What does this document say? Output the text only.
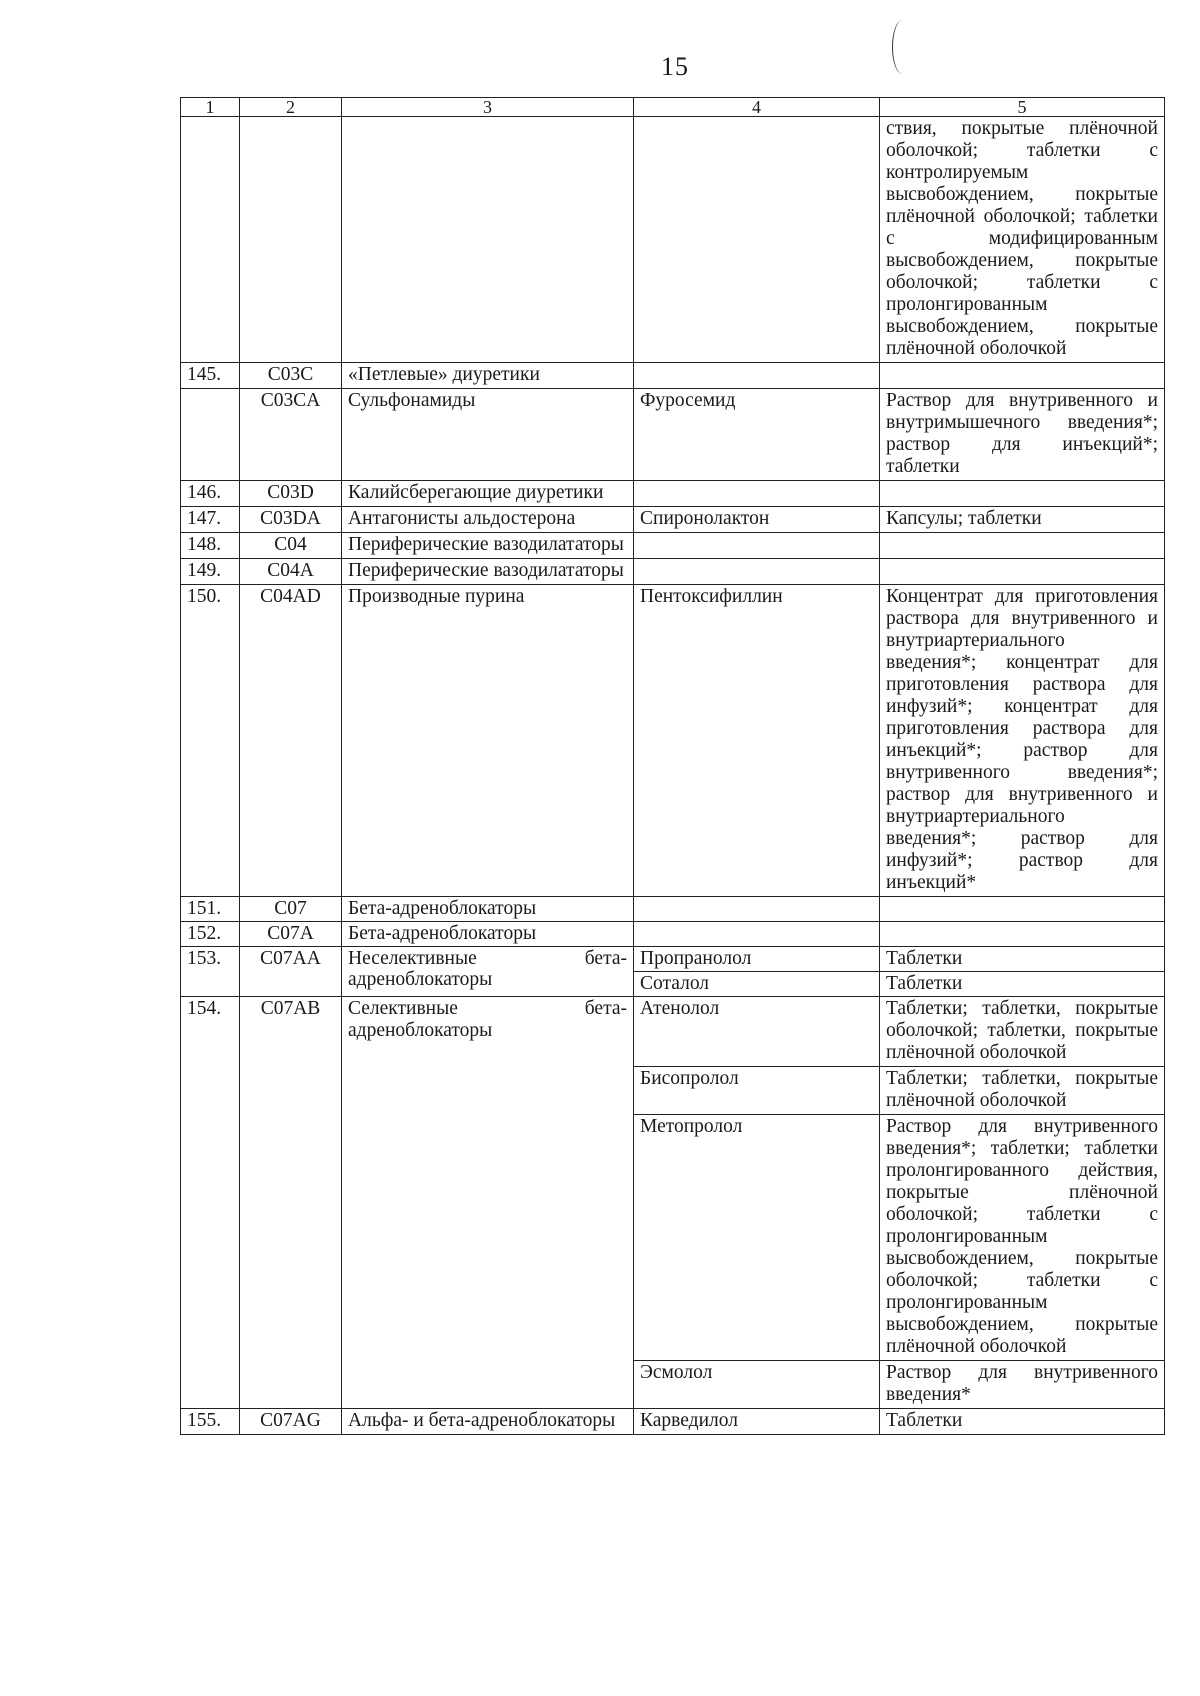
15
1	2	3	4	5
				ствия, покрытые плёночной оболочкой; таблетки с контролируемым высвобождением, покрытые плёночной оболочкой; таблетки с модифицированным высвобождением, покрытые оболочкой; таблетки с пролонгированным высвобождением, покрытые плёночной оболочкой
145.	C03C	«Петлевые» диуретики		
	C03CA	Сульфонамиды	Фуросемид	Раствор для внутривенного и внутримышечного введения*; раствор для инъекций*; таблетки
146.	C03D	Калийсберегающие диуретики		
147.	C03DA	Антагонисты альдостерона	Спиронолактон	Капсулы; таблетки
148.	C04	Периферические вазодилататоры		
149.	C04A	Периферические вазодилататоры		
150.	C04AD	Производные пурина	Пентоксифиллин	Концентрат для приготовления раствора для внутривенного и внутриартериального введения*; концентрат для приготовления раствора для инфузий*; концентрат для приготовления раствора для инъекций*; раствор для внутривенного введения*; раствор для внутривенного и внутриартериального введения*; раствор для инфузий*; раствор для инъекций*
151.	C07	Бета-адреноблокаторы		
152.	C07A	Бета-адреноблокаторы		
153.	C07AA	Неселективные бета-адреноблокаторы	Пропранолол	Таблетки
			Соталол	Таблетки
154.	C07AB	Селективные бета-адреноблокаторы	Атенолол	Таблетки; таблетки, покрытые оболочкой; таблетки, покрытые плёночной оболочкой
			Бисопролол	Таблетки; таблетки, покрытые плёночной оболочкой
			Метопролол	Раствор для внутривенного введения*; таблетки; таблетки пролонгированного действия, покрытые плёночной оболочкой; таблетки с пролонгированным высвобождением, покрытые оболочкой; таблетки с пролонгированным высвобождением, покрытые плёночной оболочкой
			Эсмолол	Раствор для внутривенного введения*
155.	C07AG	Альфа- и бета-адреноблокаторы	Карведилол	Таблетки
